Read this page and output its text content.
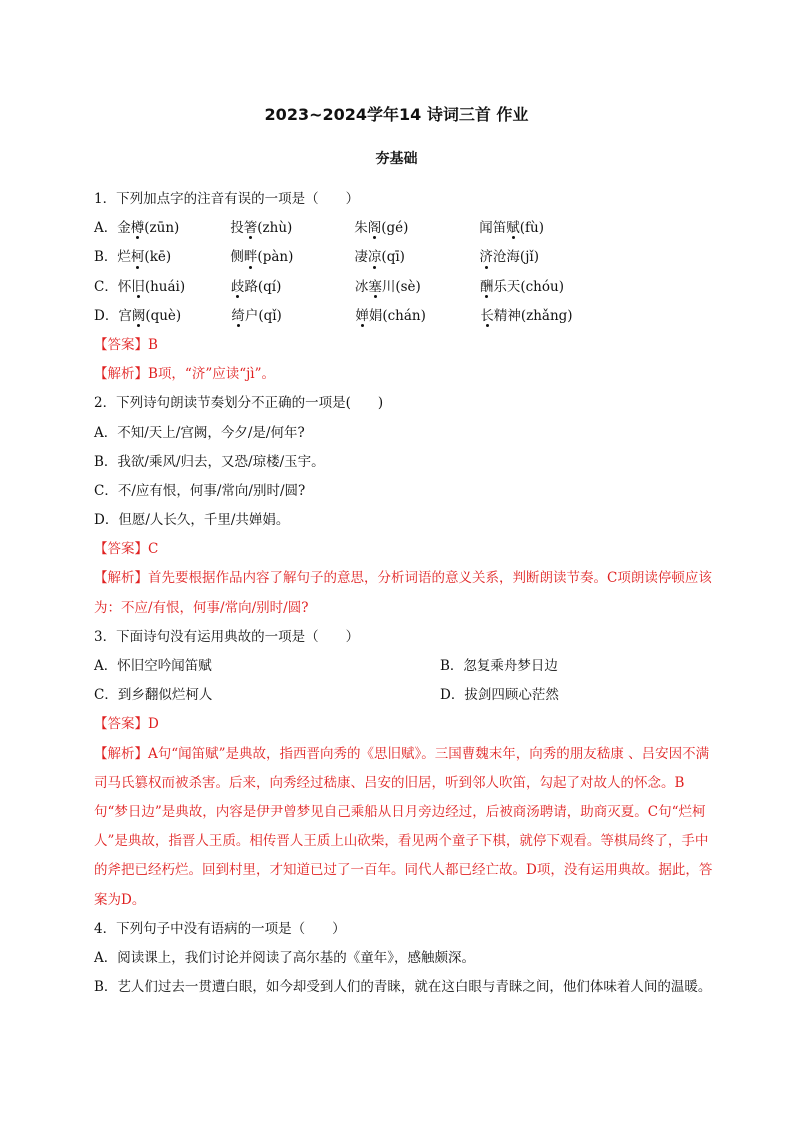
2023~2024学年14 诗词三首 作业
夯基础
1．下列加点字的注音有误的一项是（　　）
A．金樽(zūn)	投箸(zhù)	朱阁(gé)	闻笛赋(fù)
B．烂柯(kē)	侧畔(pàn)	凄凉(qī)	济沧海(jǐ)
C．怀旧(huái)	歧路(qí)	冰塞川(sè)	酬乐天(chóu)
D．宫阙(què)	绮户(qǐ)	婵娟(chán)	长精神(zhǎng)
【答案】B
【解析】B项，“济”应读“jì”。
2．下列诗句朗读节奏划分不正确的一项是(　　)
A．不知/天上/宫阙，今夕/是/何年?
B．我欲/乘风/归去，又恐/琼楼/玉宇。
C．不/应有恨，何事/常向/别时/圆?
D．但愿/人长久，千里/共婵娟。
【答案】C
【解析】首先要根据作品内容了解句子的意思，分析词语的意义关系，判断朗读节奏。C项朗读停顿应该为：不应/有恨，何事/常向/别时/圆?
3．下面诗句没有运用典故的一项是（　　）
A．怀旧空吟闻笛赋	B．忽复乘舟梦日边
C．到乡翻似烂柯人	D．拔剑四顾心茫然
【答案】D
【解析】A句“闻笛赋”是典故，指西晋向秀的《思旧赋》。三国曹魏末年，向秀的朋友嵇康 、吕安因不满司马氏篡权而被杀害。后来，向秀经过嵇康、吕安的旧居，听到邻人吹笛，勾起了对故人的怀念。B句“梦日边”是典故，内容是伊尹曾梦见自己乘船从日月旁边经过，后被商汤聘请，助商灭夏。C句“烂柯人”是典故，指晋人王质。相传晋人王质上山砍柴，看见两个童子下棋，就停下观看。等棋局终了，手中的斧把已经朽烂。回到村里，才知道已过了一百年。同代人都已经亡故。D项，没有运用典故。据此，答案为D。
4．下列句子中没有语病的一项是（　　）
A．阅读课上，我们讨论并阅读了高尔基的《童年》，感触颇深。
B．艺人们过去一贯遭白眼，如今却受到人们的青睐，就在这白眼与青睐之间，他们体味着人间的温暖。
